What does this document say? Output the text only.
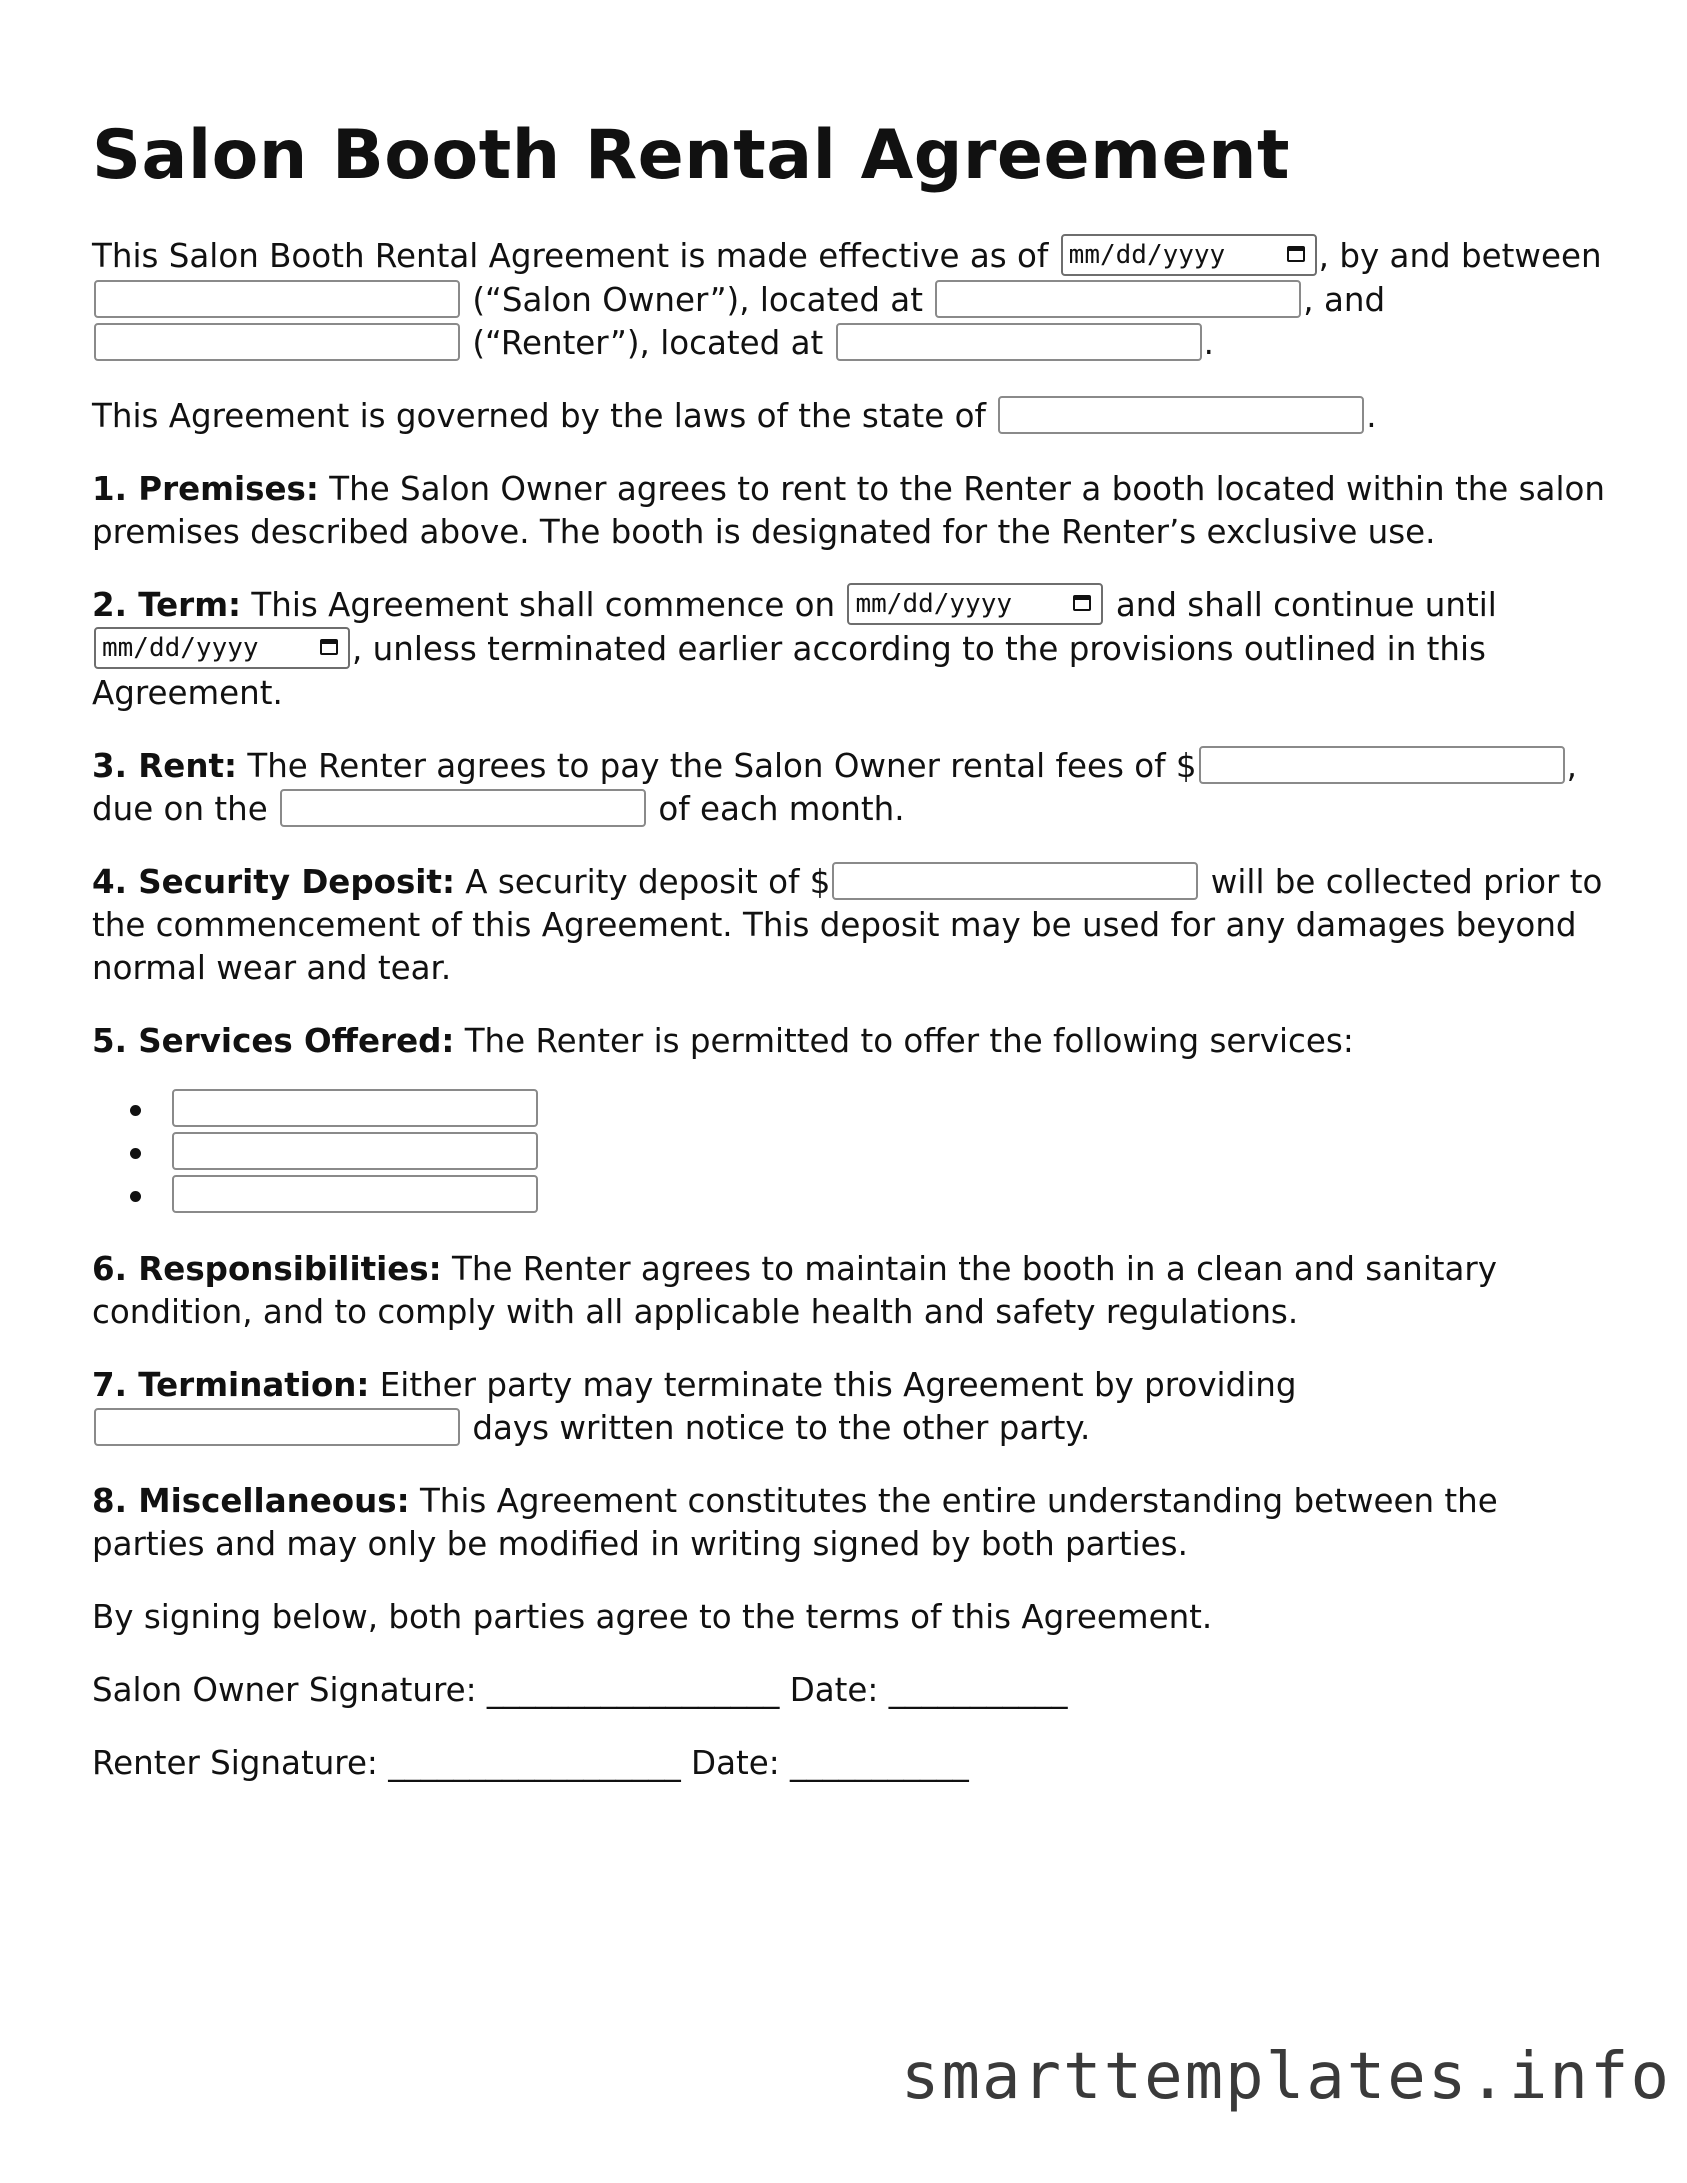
Salon Booth Rental Agreement

This Salon Booth Rental Agreement is made effective as of mm/dd/yyyy	, by and between  (“Salon Owner”), located at	, and  (“Renter”), located at	.

This Agreement is governed by the laws of the state of	.

1. Premises: The Salon Owner agrees to rent to the Renter a booth located within the salon premises described above. The booth is designated for the Renter’s exclusive use.

2. Term: This Agreement shall commence on mm/dd/yyyy	and shall continue until mm/dd/yyyy	, unless terminated earlier according to the provisions outlined in this Agreement.

3. Rent: The Renter agrees to pay the Salon Owner rental fees of $	, due on the	of each month.

4. Security Deposit: A security deposit of $	will be collected prior to the commencement of this Agreement. This deposit may be used for any damages beyond normal wear and tear.

5. Services Offered: The Renter is permitted to offer the following services:

6. Responsibilities: The Renter agrees to maintain the booth in a clean and sanitary condition, and to comply with all applicable health and safety regulations.

7. Termination: Either party may terminate this Agreement by providing  days written notice to the other party.

8. Miscellaneous: This Agreement constitutes the entire understanding between the parties and may only be modified in writing signed by both parties.

By signing below, both parties agree to the terms of this Agreement.

Salon Owner Signature: __________________ Date: ___________

Renter Signature: __________________ Date: ___________

smarttemplates.info
